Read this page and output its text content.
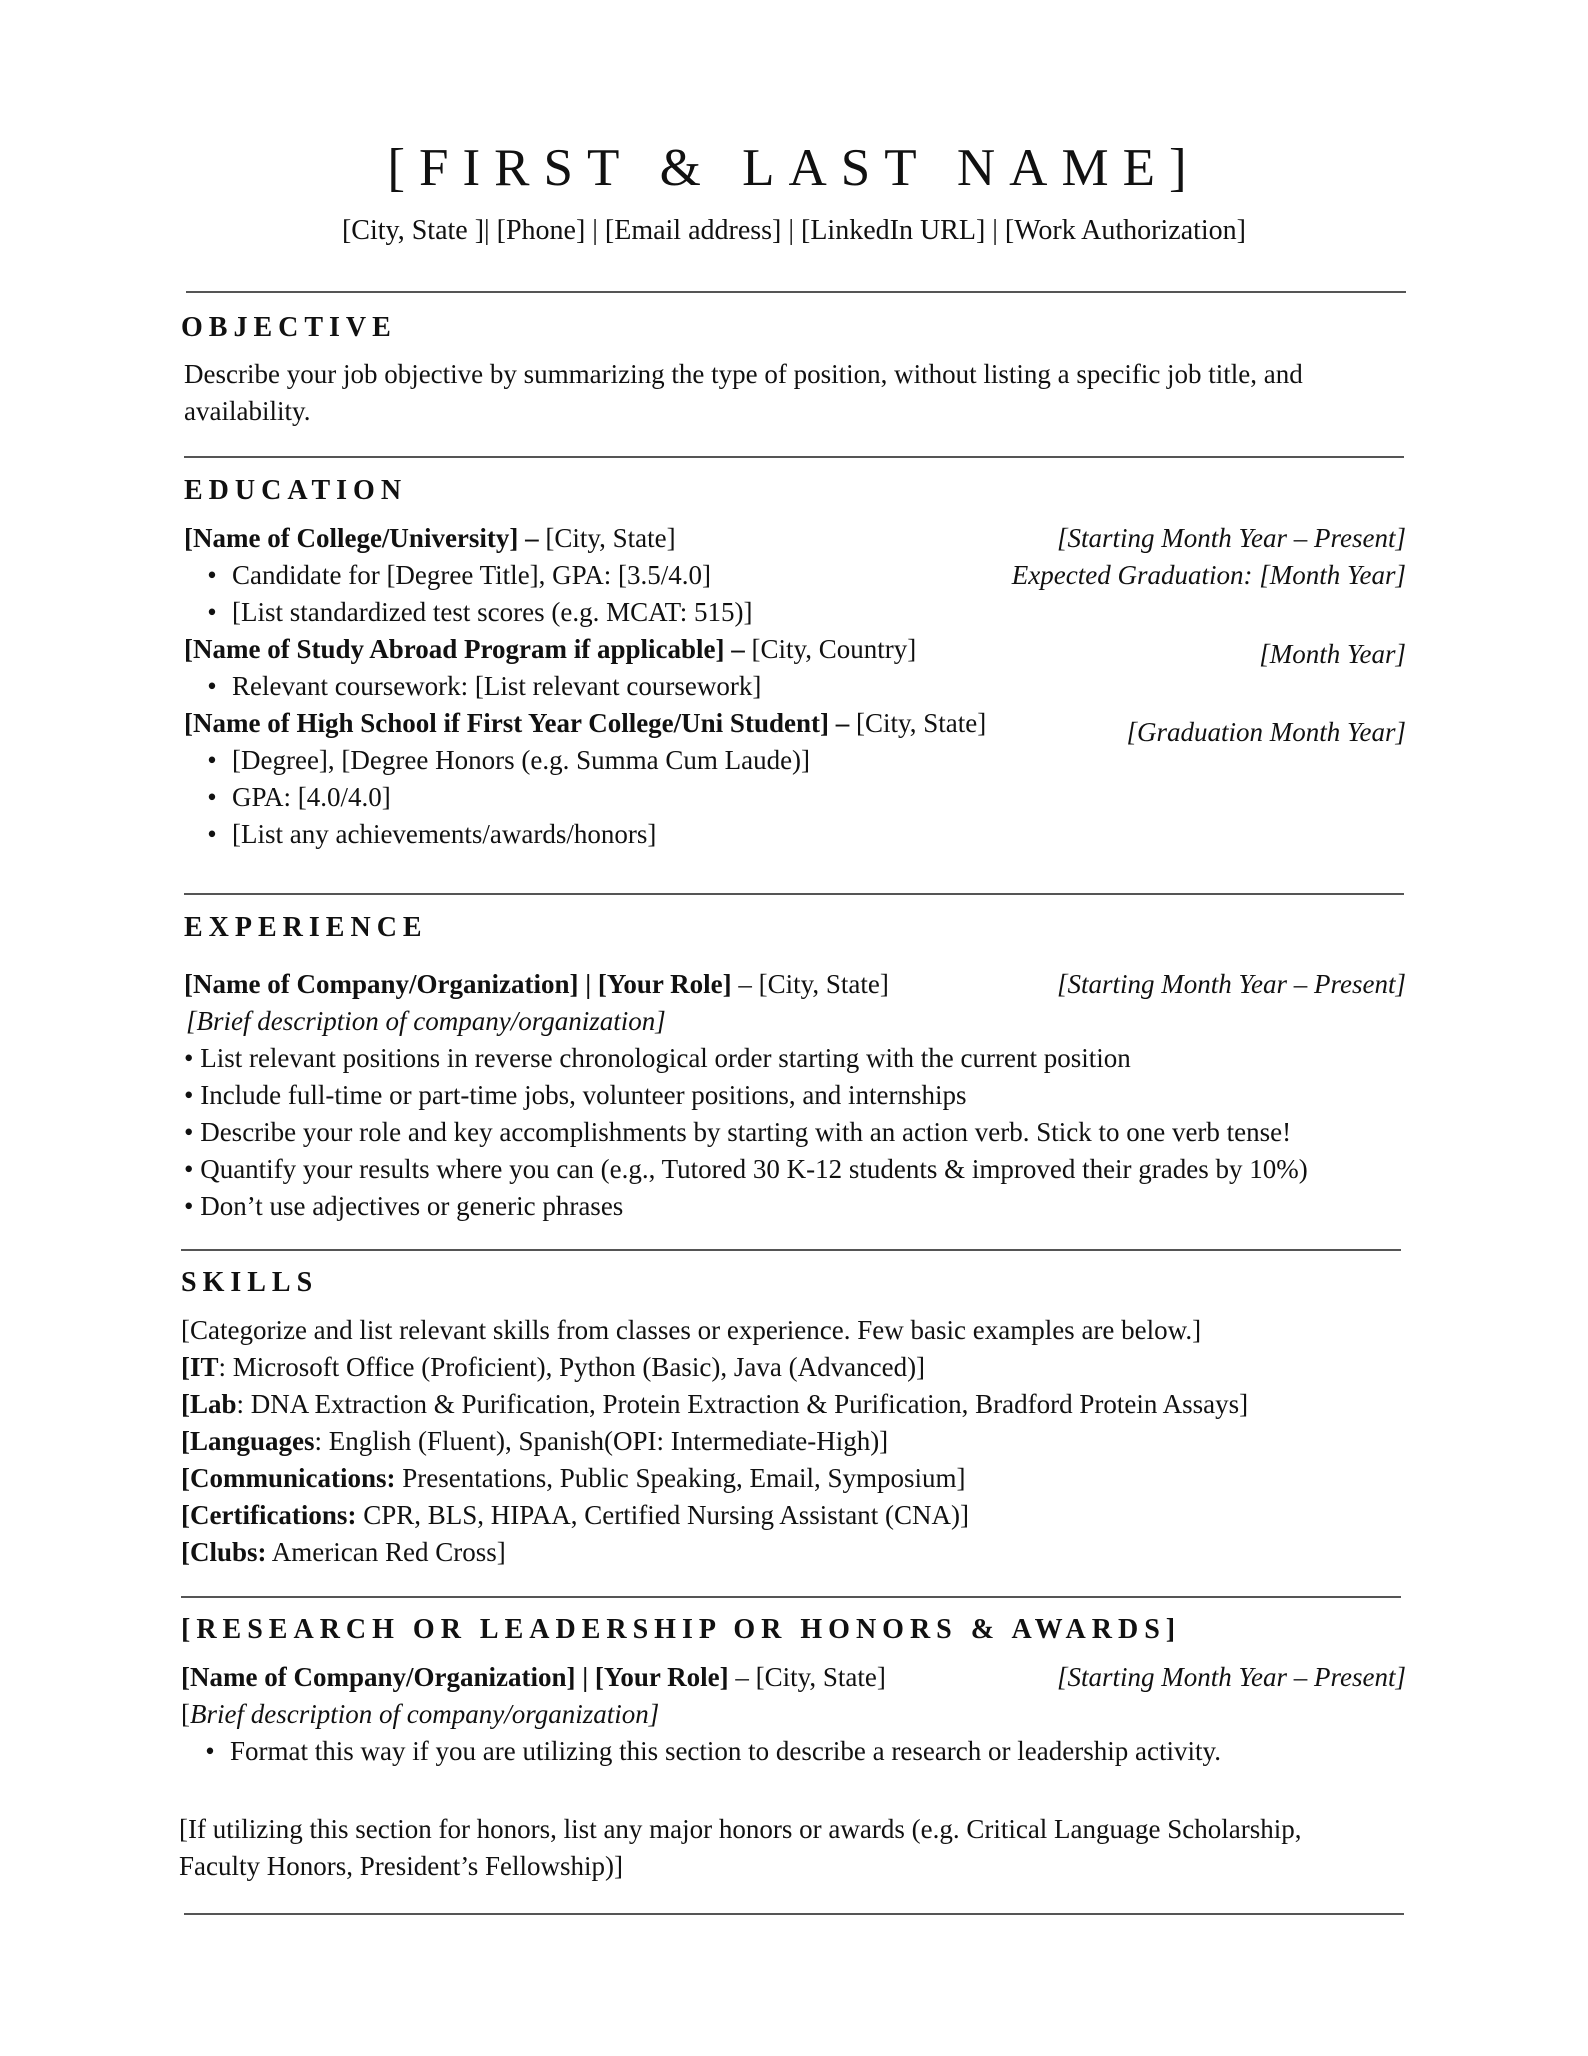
[FIRST & LAST NAME]
[City, State ]| [Phone] | [Email address] | [LinkedIn URL] | [Work Authorization]
OBJECTIVE
Describe your job objective by summarizing the type of position, without listing a specific job title, and
availability.
EDUCATION
[Name of College/University] – [City, State]	[Starting Month Year – Present]
• Candidate for [Degree Title], GPA: [3.5/4.0]	Expected Graduation: [Month Year]
• [List standardized test scores (e.g. MCAT: 515)]
[Name of Study Abroad Program if applicable] – [City, Country]	[Month Year]
• Relevant coursework: [List relevant coursework]
[Name of High School if First Year College/Uni Student] – [City, State]	[Graduation Month Year]
• [Degree], [Degree Honors (e.g. Summa Cum Laude)]
• GPA: [4.0/4.0]
• [List any achievements/awards/honors]
EXPERIENCE
[Name of Company/Organization] | [Your Role] – [City, State]	[Starting Month Year – Present]
[Brief description of company/organization]
• List relevant positions in reverse chronological order starting with the current position
• Include full-time or part-time jobs, volunteer positions, and internships
• Describe your role and key accomplishments by starting with an action verb. Stick to one verb tense!
• Quantify your results where you can (e.g., Tutored 30 K-12 students & improved their grades by 10%)
• Don’t use adjectives or generic phrases
SKILLS
[Categorize and list relevant skills from classes or experience. Few basic examples are below.]
[IT: Microsoft Office (Proficient), Python (Basic), Java (Advanced)]
[Lab: DNA Extraction & Purification, Protein Extraction & Purification, Bradford Protein Assays]
[Languages: English (Fluent), Spanish(OPI: Intermediate-High)]
[Communications: Presentations, Public Speaking, Email, Symposium]
[Certifications: CPR, BLS, HIPAA, Certified Nursing Assistant (CNA)]
[Clubs: American Red Cross]
[RESEARCH OR LEADERSHIP OR HONORS & AWARDS]
[Name of Company/Organization] | [Your Role] – [City, State]	[Starting Month Year – Present]
[Brief description of company/organization]
• Format this way if you are utilizing this section to describe a research or leadership activity.
[If utilizing this section for honors, list any major honors or awards (e.g. Critical Language Scholarship,
Faculty Honors, President’s Fellowship)]
